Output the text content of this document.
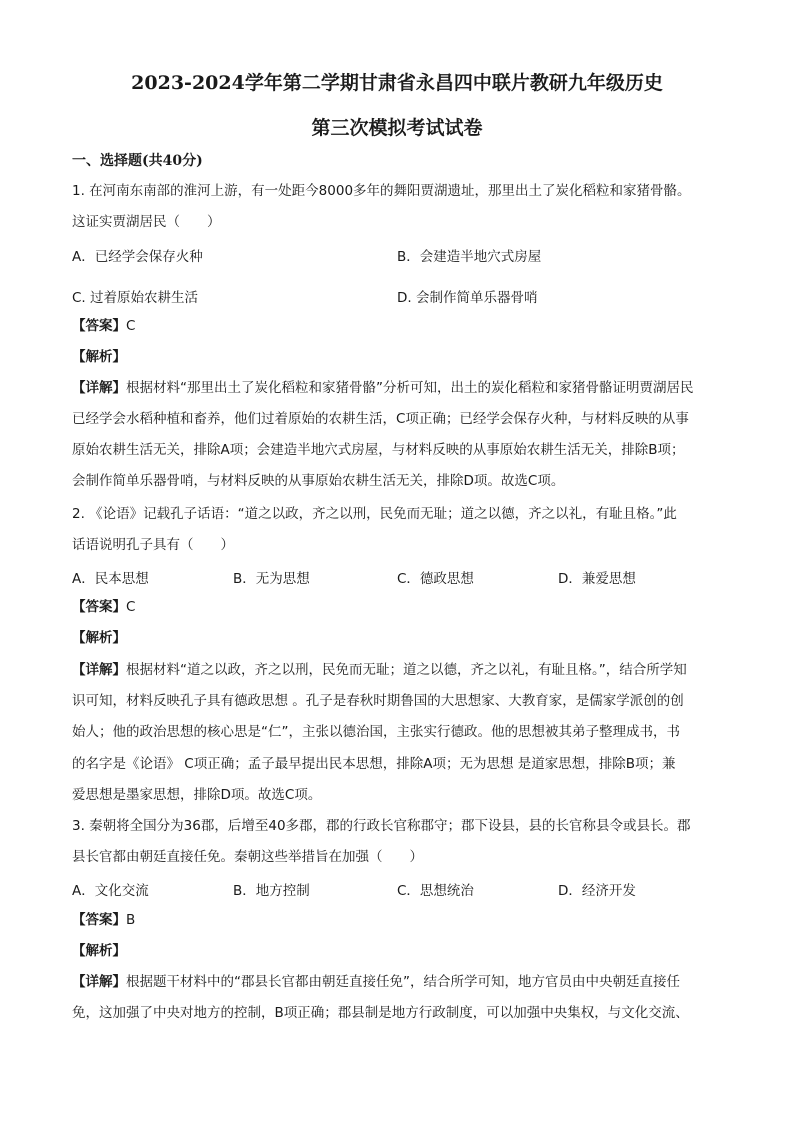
2023-2024学年第二学期甘肃省永昌四中联片教研九年级历史
第三次模拟考试试卷
一、选择题(共40分)
1. 在河南东南部的淮河上游，有一处距今8000多年的舞阳贾湖遗址，那里出土了炭化稻粒和家猪骨骼。
这证实贾湖居民（　　）
A．已经学会保存火种	B．会建造半地穴式房屋
C. 过着原始农耕生活	D. 会制作简单乐器骨哨
【答案】C
【解析】
【详解】根据材料“那里出土了炭化稻粒和家猪骨骼”分析可知，出土的炭化稻粒和家猪骨骼证明贾湖居民
已经学会水稻种植和畜养，他们过着原始的农耕生活，C项正确；已经学会保存火种，与材料反映的从事
原始农耕生活无关，排除A项；会建造半地穴式房屋，与材料反映的从事原始农耕生活无关，排除B项；
会制作简单乐器骨哨，与材料反映的从事原始农耕生活无关，排除D项。故选C项。
2. 《论语》记载孔子话语：“道之以政，齐之以刑，民免而无耻；道之以德，齐之以礼，有耻且格。”此
话语说明孔子具有（　　）
A．民本思想	B．无为思想	C．德政思想	D．兼爱思想
【答案】C
【解析】
【详解】根据材料“道之以政，齐之以刑，民免而无耻；道之以德，齐之以礼，有耻且格。”，结合所学知
识可知，材料反映孔子具有德政思想 。孔子是春秋时期鲁国的大思想家、大教育家，是儒家学派创的创
始人；他的政治思想的核心思是“仁”，主张以德治国，主张实行德政。他的思想被其弟子整理成书，书
的名字是《论语》 C项正确；孟子最早提出民本思想，排除A项；无为思想 是道家思想，排除B项；兼
爱思想是墨家思想，排除D项。故选C项。
3. 秦朝将全国分为36郡，后增至40多郡，郡的行政长官称郡守；郡下设县，县的长官称县令或县长。郡
县长官都由朝廷直接任免。秦朝这些举措旨在加强（　　）
A．文化交流	B．地方控制	C．思想统治	D．经济开发
【答案】B
【解析】
【详解】根据题干材料中的“郡县长官都由朝廷直接任免”，结合所学可知，地方官员由中央朝廷直接任
免，这加强了中央对地方的控制，B项正确；郡县制是地方行政制度，可以加强中央集权，与文化交流、
